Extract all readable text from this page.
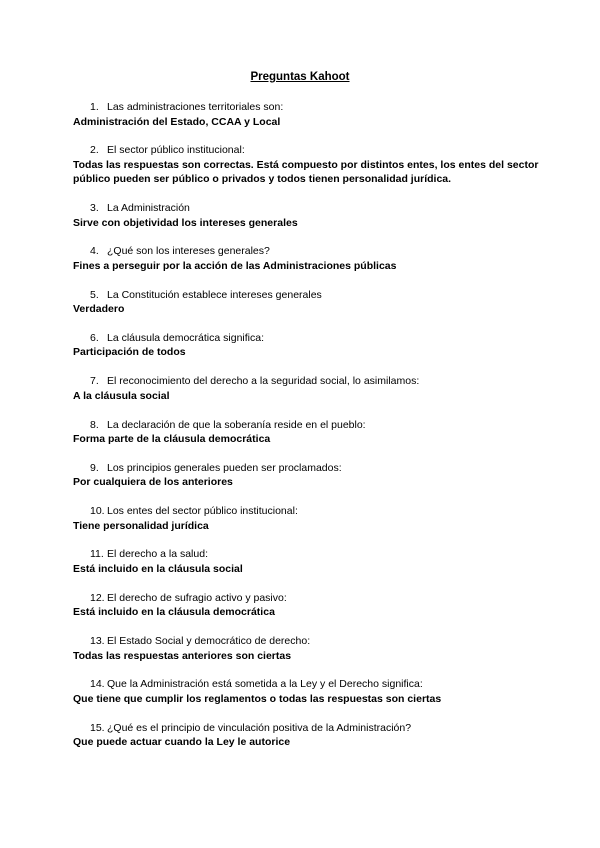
Preguntas Kahoot
1. Las administraciones territoriales son:
Administración del Estado, CCAA y Local
2. El sector público institucional:
Todas las respuestas son correctas. Está compuesto por distintos entes, los entes del sector público pueden ser público o privados y todos tienen personalidad jurídica.
3. La Administración
Sirve con objetividad los intereses generales
4. ¿Qué son los intereses generales?
Fines a perseguir por la acción de las Administraciones públicas
5. La Constitución establece intereses generales
Verdadero
6. La cláusula democrática significa:
Participación de todos
7. El reconocimiento del derecho a la seguridad social, lo asimilamos:
A la cláusula social
8. La declaración de que la soberanía reside en el pueblo:
Forma parte de la cláusula democrática
9. Los principios generales pueden ser proclamados:
Por cualquiera de los anteriores
10. Los entes del sector público institucional:
Tiene personalidad jurídica
11. El derecho a la salud:
Está incluido en la cláusula social
12. El derecho de sufragio activo y pasivo:
Está incluido en la cláusula democrática
13. El Estado Social y democrático de derecho:
Todas las respuestas anteriores son ciertas
14. Que la Administración está sometida a la Ley y el Derecho significa:
Que tiene que cumplir los reglamentos o todas las respuestas son ciertas
15. ¿Qué es el principio de vinculación positiva de la Administración?
Que puede actuar cuando la Ley le autorice
